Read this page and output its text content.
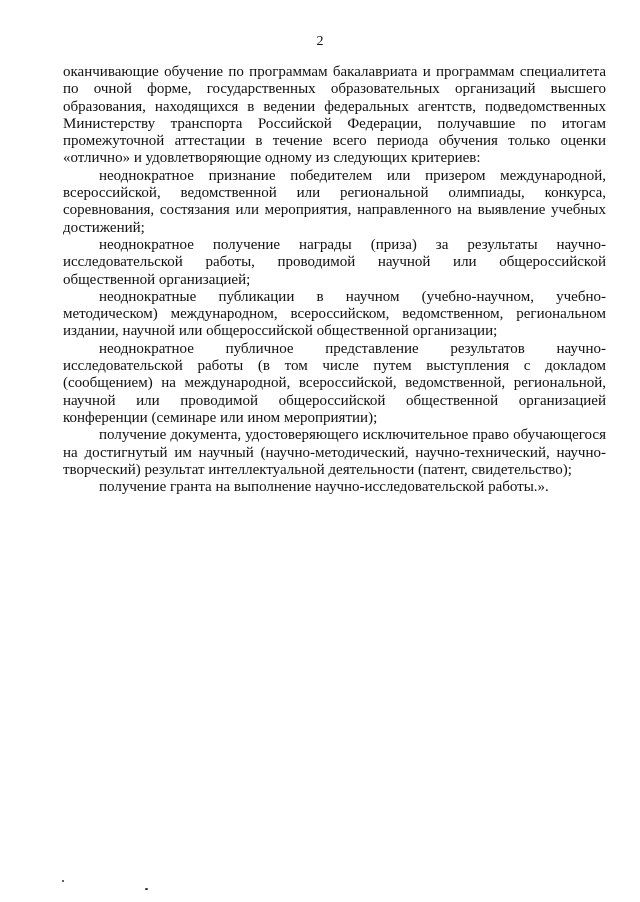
2

оканчивающие обучение по программам бакалавриата и программам специалитета по очной форме, государственных образовательных организаций высшего образования, находящихся в ведении федеральных агентств, подведомственных Министерству транспорта Российской Федерации, получавшие по итогам промежуточной аттестации в течение всего периода обучения только оценки «отлично» и удовлетворяющие одному из следующих критериев:

неоднократное признание победителем или призером международной, всероссийской, ведомственной или региональной олимпиады, конкурса, соревнования, состязания или мероприятия, направленного на выявление учебных достижений;

неоднократное получение награды (приза) за результаты научно-исследовательской работы, проводимой научной или общероссийской общественной организацией;

неоднократные публикации в научном (учебно-научном, учебно-методическом) международном, всероссийском, ведомственном, региональном издании, научной или общероссийской общественной организации;

неоднократное публичное представление результатов научно-исследовательской работы (в том числе путем выступления с докладом (сообщением) на международной, всероссийской, ведомственной, региональной, научной или проводимой общероссийской общественной организацией конференции (семинаре или ином мероприятии);

получение документа, удостоверяющего исключительное право обучающегося на достигнутый им научный (научно-методический, научно-технический, научно-творческий) результат интеллектуальной деятельности (патент, свидетельство);

получение гранта на выполнение научно-исследовательской работы.».
